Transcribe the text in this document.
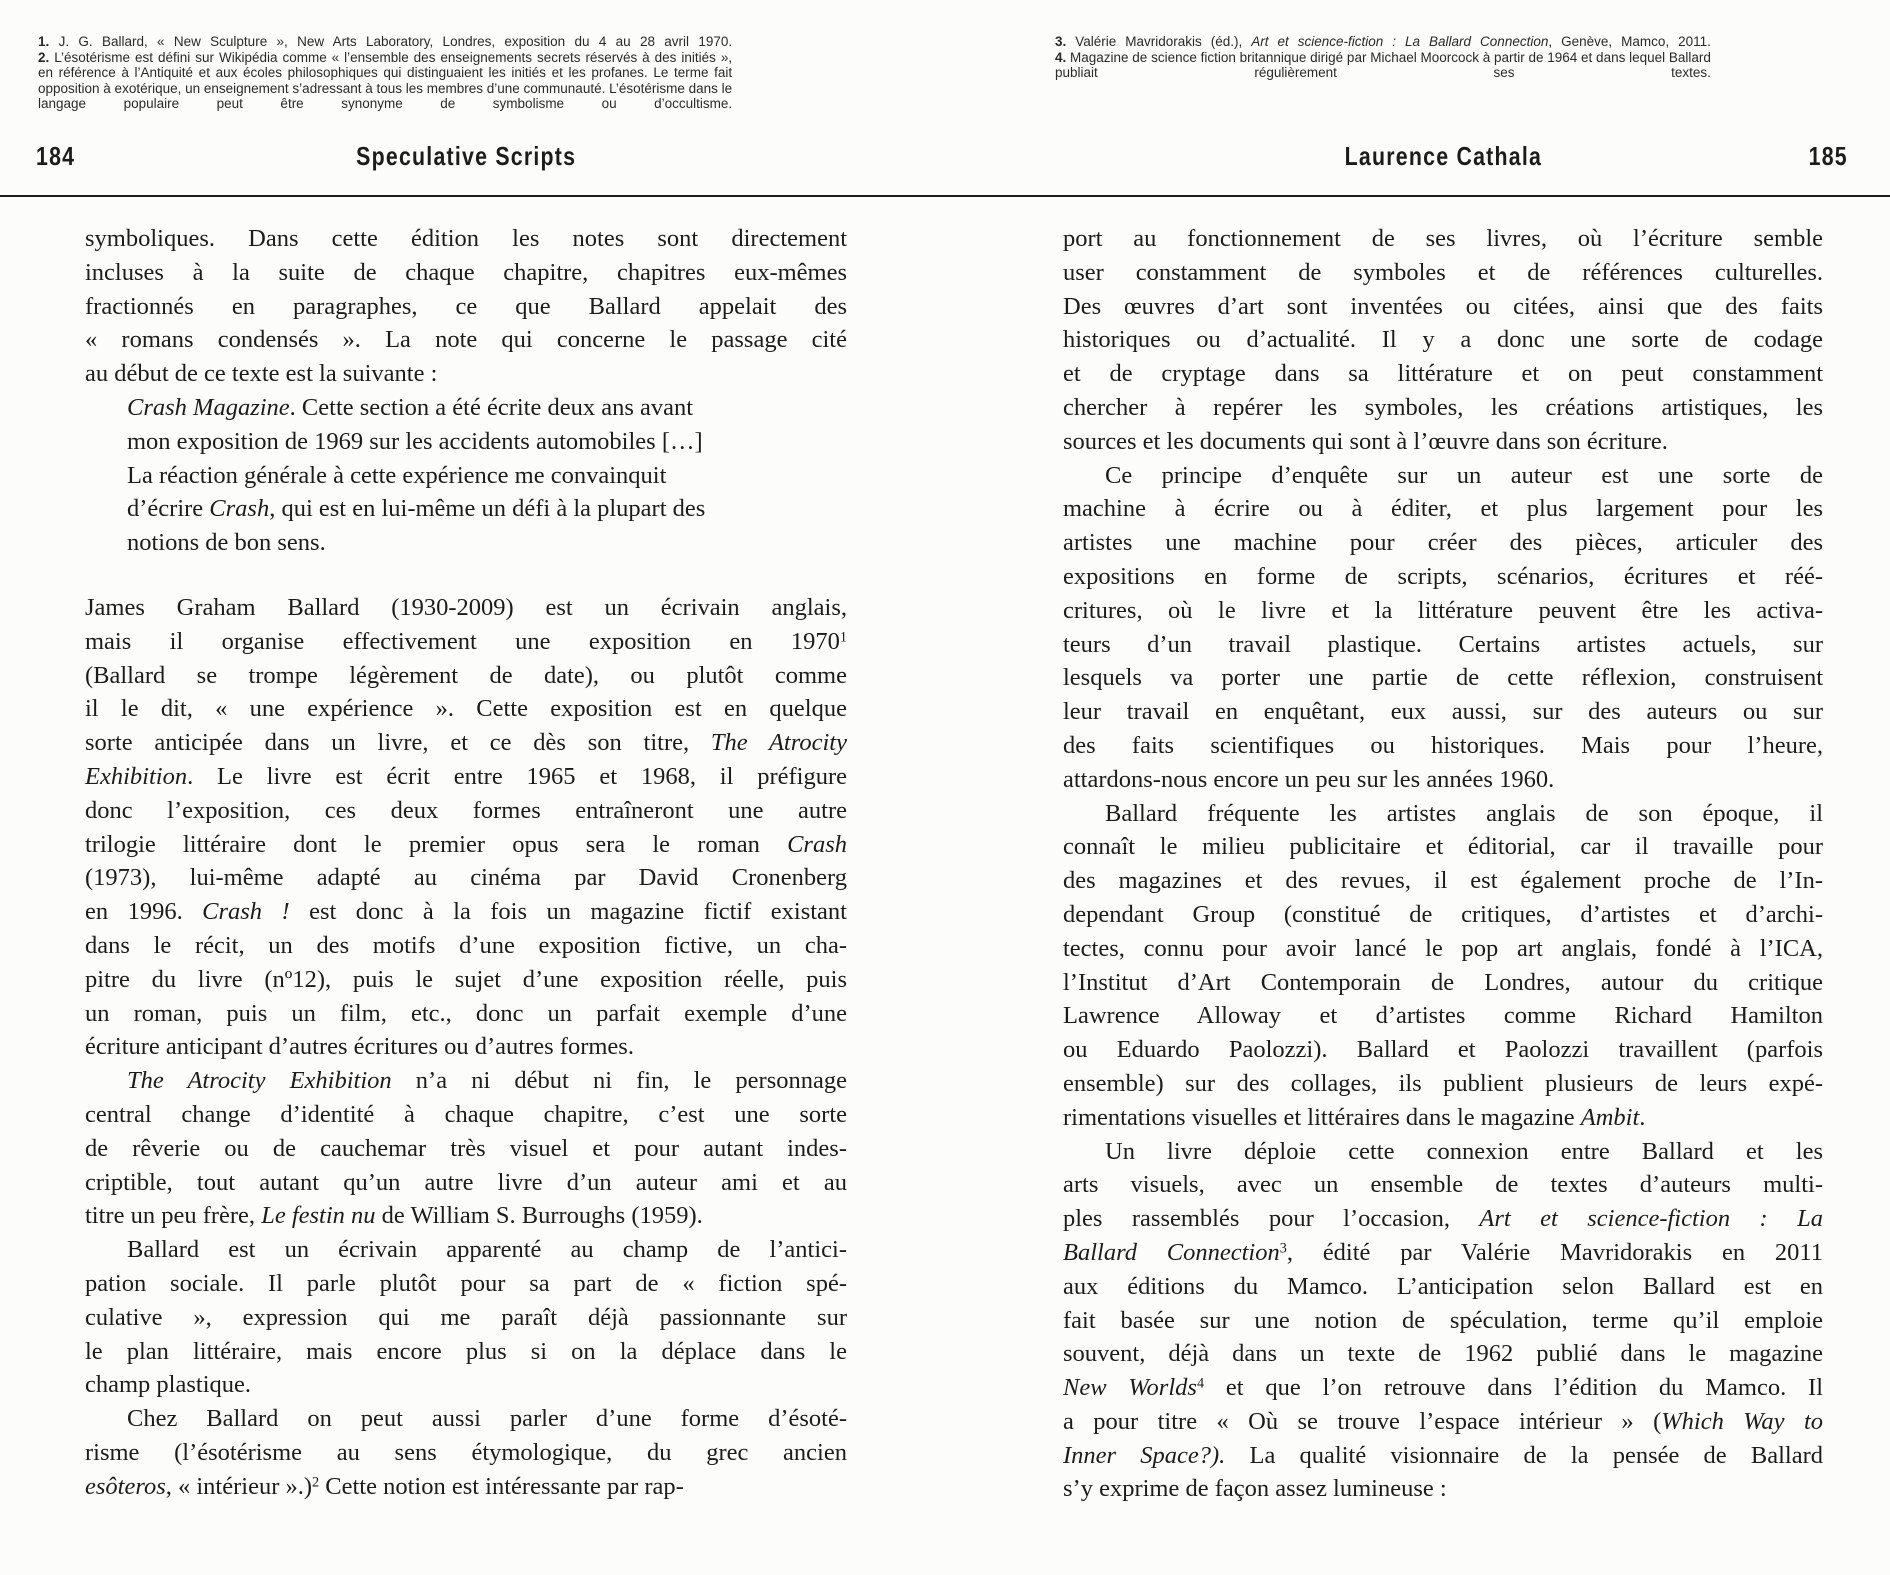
1. J. G. Ballard, « New Sculpture », New Arts Laboratory, Londres, exposition du 4 au 28 avril 1970.
2. L’ésotérisme est défini sur Wikipédia comme « l’ensemble des enseignements secrets réservés à des initiés »,
en référence à l’Antiquité et aux écoles philosophiques qui distinguaient les initiés et les profanes. Le terme fait
opposition à exotérique, un enseignement s’adressant à tous les membres d’une communauté. L’ésotérisme dans le
langage populaire peut être synonyme de symbolisme ou d’occultisme.
3. Valérie Mavridorakis (éd.), Art et science-fiction : La Ballard Connection, Genève, Mamco, 2011.
4. Magazine de science fiction britannique dirigé par Michael Moorcock à partir de 1964 et dans lequel Ballard
publiait régulièrement ses textes.
184	Speculative Scripts	Laurence Cathala	185
symboliques. Dans cette édition les notes sont directement
incluses à la suite de chaque chapitre, chapitres eux-mêmes
fractionnés en paragraphes, ce que Ballard appelait des
« romans condensés ». La note qui concerne le passage cité
au début de ce texte est la suivante :
Crash Magazine. Cette section a été écrite deux ans avant
mon exposition de 1969 sur les accidents automobiles […]
La réaction générale à cette expérience me convainquit
d’écrire Crash, qui est en lui-même un défi à la plupart des
notions de bon sens.
James Graham Ballard (1930-2009) est un écrivain anglais,
mais il organise effectivement une exposition en 1970$^1$
(Ballard se trompe légèrement de date), ou plutôt comme
il le dit, « une expérience ». Cette exposition est en quelque
sorte anticipée dans un livre, et ce dès son titre, The Atrocity
Exhibition. Le livre est écrit entre 1965 et 1968, il préfigure
donc l’exposition, ces deux formes entraîneront une autre
trilogie littéraire dont le premier opus sera le roman Crash
(1973), lui-même adapté au cinéma par David Cronenberg
en 1996. Crash ! est donc à la fois un magazine fictif existant
dans le récit, un des motifs d’une exposition fictive, un cha-
pitre du livre (nº12), puis le sujet d’une exposition réelle, puis
un roman, puis un film, etc., donc un parfait exemple d’une
écriture anticipant d’autres écritures ou d’autres formes.
The Atrocity Exhibition n’a ni début ni fin, le personnage
central change d’identité à chaque chapitre, c’est une sorte
de rêverie ou de cauchemar très visuel et pour autant indes-
criptible, tout autant qu’un autre livre d’un auteur ami et au
titre un peu frère, Le festin nu de William S. Burroughs (1959).
Ballard est un écrivain apparenté au champ de l’antici-
pation sociale. Il parle plutôt pour sa part de « fiction spé-
culative », expression qui me paraît déjà passionnante sur
le plan littéraire, mais encore plus si on la déplace dans le
champ plastique.
Chez Ballard on peut aussi parler d’une forme d’ésoté-
risme (l’ésotérisme au sens étymologique, du grec ancien
esôteros, « intérieur ».)$^2$ Cette notion est intéressante par rap-
port au fonctionnement de ses livres, où l’écriture semble
user constamment de symboles et de références culturelles.
Des œuvres d’art sont inventées ou citées, ainsi que des faits
historiques ou d’actualité. Il y a donc une sorte de codage
et de cryptage dans sa littérature et on peut constamment
chercher à repérer les symboles, les créations artistiques, les
sources et les documents qui sont à l’œuvre dans son écriture.
Ce principe d’enquête sur un auteur est une sorte de
machine à écrire ou à éditer, et plus largement pour les
artistes une machine pour créer des pièces, articuler des
expositions en forme de scripts, scénarios, écritures et réé-
critures, où le livre et la littérature peuvent être les activa-
teurs d’un travail plastique. Certains artistes actuels, sur
lesquels va porter une partie de cette réflexion, construisent
leur travail en enquêtant, eux aussi, sur des auteurs ou sur
des faits scientifiques ou historiques. Mais pour l’heure,
attardons-nous encore un peu sur les années 1960.
Ballard fréquente les artistes anglais de son époque, il
connaît le milieu publicitaire et éditorial, car il travaille pour
des magazines et des revues, il est également proche de l’In-
dependant Group (constitué de critiques, d’artistes et d’archi-
tectes, connu pour avoir lancé le pop art anglais, fondé à l’ICA,
l’Institut d’Art Contemporain de Londres, autour du critique
Lawrence Alloway et d’artistes comme Richard Hamilton
ou Eduardo Paolozzi). Ballard et Paolozzi travaillent (parfois
ensemble) sur des collages, ils publient plusieurs de leurs expé-
rimentations visuelles et littéraires dans le magazine Ambit.
Un livre déploie cette connexion entre Ballard et les
arts visuels, avec un ensemble de textes d’auteurs multi-
ples rassemblés pour l’occasion, Art et science-fiction : La
Ballard Connection$^3$, édité par Valérie Mavridorakis en 2011
aux éditions du Mamco. L’anticipation selon Ballard est en
fait basée sur une notion de spéculation, terme qu’il emploie
souvent, déjà dans un texte de 1962 publié dans le magazine
New Worlds$^4$ et que l’on retrouve dans l’édition du Mamco. Il
a pour titre « Où se trouve l’espace intérieur » (Which Way to
Inner Space?). La qualité visionnaire de la pensée de Ballard
s’y exprime de façon assez lumineuse :
